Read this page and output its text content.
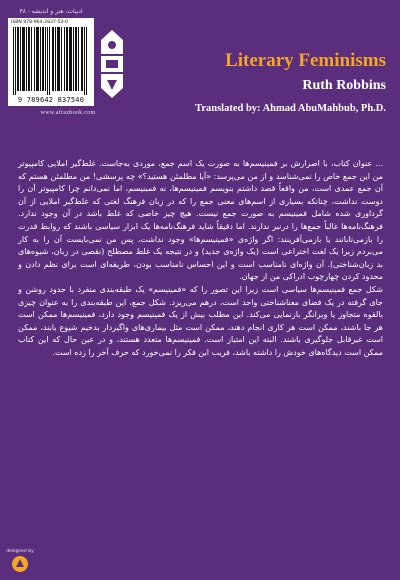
ادبیات، هنر و اندیشه - ۳۸
ISBN 978-964-2837-54-0
9 789642 837540
www.afrazbook.com
Literary Feminisms
Ruth Robbins
Translated by: Ahmad AbuMahbub, Ph.D.

... عنوان کتاب، با اصرارش بر فمینیسم‌ها به صورت یک اسم جمع، موردی به‌جاست. غلط‌گیر املایی کامپیوتر من این جمع خاص را نمی‌شناسد و از من می‌پرسد: «آیا مطلمئن هستید؟» چه پرسشی! من مطلمئن هستم که آن جمع عمدی است، من واقعاً قصد داشتم بنویسم فمینیسم‌ها، نه فمینیسم، اما نمی‌دانم چرا کامپیوتر آن را دوست نداشت، چنانکه بسیاری از اسم‌های معنی جمع را که در زبان فرهنگ لغتی که غلط‌گیر املایی از آن گرداوری شده شامل فمینیسم به صورت جمع نیست. هیچ چیز خاصی که غلط باشد در آن وجود ندارد. فرهنگ‌نامه‌ها غالباً جمع‌ها را درنبر ندارند. اما دقیقاً شاید فرهنگ‌نامه‌ها یک ابزار سیاسی باشند که روابط قدرت را بازمی‌تابانند یا بازمی‌آفرینند: اگر واژه‌ی «فمینیسم‌ها» وجود نداشت، پس من نمی‌بایست آن را به کار می‌بردم زیرا یک لغت اختراعی است (یک واژه‌ی جدید) و در نتیجه یک غلط مصطلح (نقصی در زبان، شیوه‌های بد زبان‌شناختی). آن واژه‌ای نامناسب است و این احساس نامناسب بودن، طریقه‌ای است برای نظم دادن و محدود کردن چهارچوب ادراکی من از جهان.

شکل جمع فمینیسم‌ها سیاسی است زیرا این تصور را که «فمینیسم» یک طبقه‌بندی منفرد با حدود روشن و جای گرفته در یک فضای معناشناختی واحد است، درهم می‌ریزد. شکل جمع، این طبقه‌بندی را به عنوان چیزی بالقوه متجاوز یا ویرانگر بازنمایی می‌کند. این مطلب بیش از یک فمینیسم وجود دارد، فمینیسم‌ها ممکن است هر جا باشند، ممکن است هر کاری انجام دهند، ممکن است مثل بیماری‌های واگیردار بدخیم شیوع یابند، ممکن است غیرقابل جلوگیری باشند. البته این امتیاز است. فمینیسم‌ها متعدد هستند، و در عین حال که این کتاب ممکن است دیدگاه‌های خودش را داشته باشد، فریب این فکر را نمی‌خورد که حرف آخر را زده است.

designed by
